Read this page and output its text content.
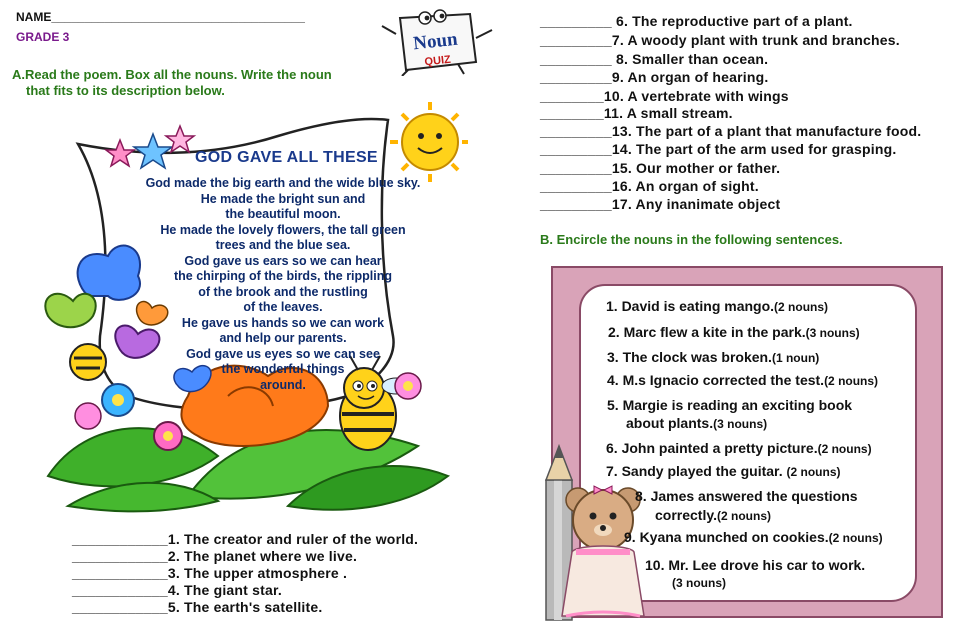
NAME______________________________________
GRADE 3	Noun
QUIZ
A.Read the poem. Box all the nouns. Write the noun
that fits to its description below.
GOD GAVE ALL THESE
God made the big earth and the wide blue sky.
He made the bright sun and
the beautiful moon.
He made the lovely flowers, the tall green
trees and the blue sea.
God gave us ears so we can hear
the chirping of the birds, the rippling
of the brook and the rustling
of the leaves.
He gave us hands so we can work
and help our parents.
God gave us eyes so we can see
the wonderful things
around.
____________1. The creator and ruler of the world.
____________2. The planet where we live.
____________3. The upper atmosphere .
____________4. The giant star.
____________5. The earth's satellite.
_________ 6. The reproductive part of a plant.
_________7. A woody plant with trunk and branches.
_________ 8. Smaller than ocean.
_________9. An organ of hearing.
________10. A vertebrate with wings
________11. A small stream.
_________13. The part of a plant that manufacture food.
_________14. The part of the arm used for grasping.
_________15. Our mother or father.
_________16. An organ of sight.
_________17. Any inanimate object
B. Encircle the nouns in the following sentences.
1. David is eating mango.(2 nouns)
2. Marc flew a kite in the park.(3 nouns)
3. The clock was broken.(1 noun)
4. M.s Ignacio corrected the test.(2 nouns)
5. Margie is reading an exciting book
about plants.(3 nouns)
6. John painted a pretty picture.(2 nouns)
7. Sandy played the guitar. (2 nouns)
8. James answered the questions
correctly.(2 nouns)
9. Kyana munched on cookies.(2 nouns)
10. Mr. Lee drove his car to work.
(3 nouns)
